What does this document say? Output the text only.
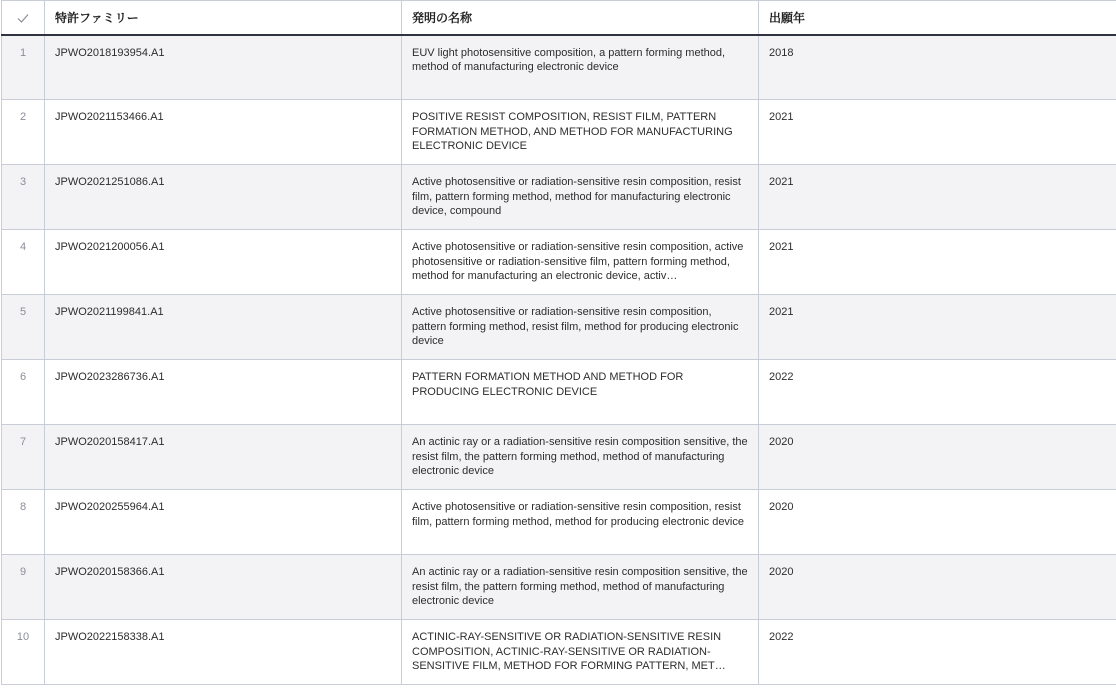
	特許ファミリー	発明の名称	出願年
1	JPWO2018193954.A1	EUV light photosensitive composition, a pattern forming method, method of manufacturing electronic device	2018
2	JPWO2021153466.A1	POSITIVE RESIST COMPOSITION, RESIST FILM, PATTERN FORMATION METHOD, AND METHOD FOR MANUFACTURING ELECTRONIC DEVICE	2021
3	JPWO2021251086.A1	Active photosensitive or radiation-sensitive resin composition, resist film, pattern forming method, method for manufacturing electronic device, compound	2021
4	JPWO2021200056.A1	Active photosensitive or radiation-sensitive resin composition, active photosensitive or radiation-sensitive film, pattern forming method, method for manufacturing an electronic device, activ…	2021
5	JPWO2021199841.A1	Active photosensitive or radiation-sensitive resin composition, pattern forming method, resist film, method for producing electronic device	2021
6	JPWO2023286736.A1	PATTERN FORMATION METHOD AND METHOD FOR PRODUCING ELECTRONIC DEVICE	2022
7	JPWO2020158417.A1	An actinic ray or a radiation-sensitive resin composition sensitive, the resist film, the pattern forming method, method of manufacturing electronic device	2020
8	JPWO2020255964.A1	Active photosensitive or radiation-sensitive resin composition, resist film, pattern forming method, method for producing electronic device	2020
9	JPWO2020158366.A1	An actinic ray or a radiation-sensitive resin composition sensitive, the resist film, the pattern forming method, method of manufacturing electronic device	2020
10	JPWO2022158338.A1	ACTINIC-RAY-SENSITIVE OR RADIATION-SENSITIVE RESIN COMPOSITION, ACTINIC-RAY-SENSITIVE OR RADIATION-SENSITIVE FILM, METHOD FOR FORMING PATTERN, MET…	2022
